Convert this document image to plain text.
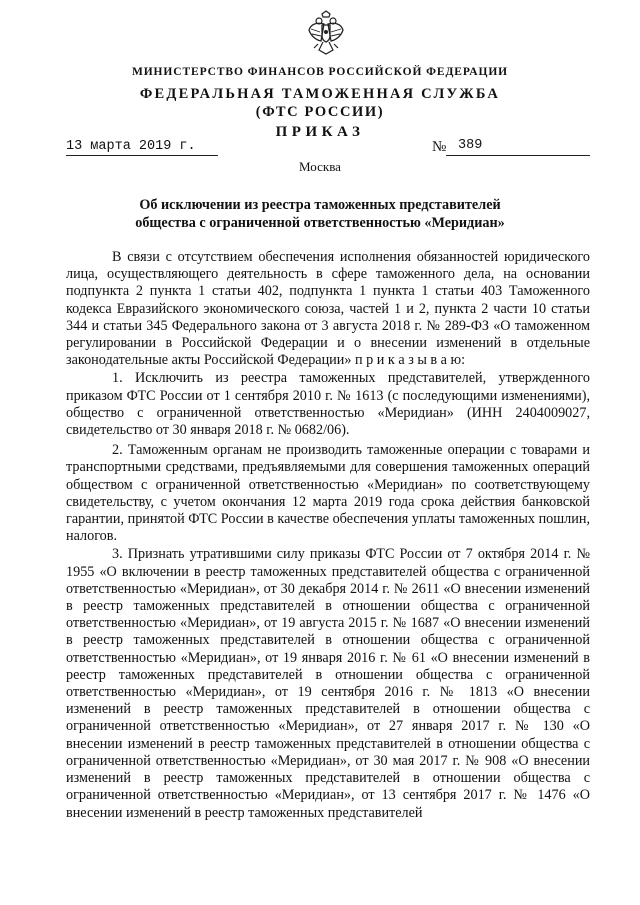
МИНИСТЕРСТВО ФИНАНСОВ РОССИЙСКОЙ ФЕДЕРАЦИИ
ФЕДЕРАЛЬНАЯ ТАМОЖЕННАЯ СЛУЖБА
(ФТС РОССИИ)
ПРИКАЗ
13 марта 2019 г.	№ 389
Москва
Об исключении из реестра таможенных представителей
общества с ограниченной ответственностью «Меридиан»

В связи с отсутствием обеспечения исполнения обязанностей юридического лица, осуществляющего деятельность в сфере таможенного дела, на основании подпункта 2 пункта 1 статьи 402, подпункта 1 пункта 1 статьи 403 Таможенного кодекса Евразийского экономического союза, частей 1 и 2, пункта 2 части 10 статьи 344 и статьи 345 Федерального закона от 3 августа 2018 г. № 289-ФЗ «О таможенном регулировании в Российской Федерации и о внесении изменений в отдельные законодательные акты Российской Федерации» п р и к а з ы в а ю:

1. Исключить из реестра таможенных представителей, утвержденного приказом ФТС России от 1 сентября 2010 г. № 1613 (с последующими изменениями), общество с ограниченной ответственностью «Меридиан» (ИНН 2404009027, свидетельство от 30 января 2018 г. № 0682/06).

2. Таможенным органам не производить таможенные операции с товарами и транспортными средствами, предъявляемыми для совершения таможенных операций обществом с ограниченной ответственностью «Меридиан» по соответствующему свидетельству, с учетом окончания 12 марта 2019 года срока действия банковской гарантии, принятой ФТС России в качестве обеспечения уплаты таможенных пошлин, налогов.

3. Признать утратившими силу приказы ФТС России от 7 октября 2014 г. № 1955 «О включении в реестр таможенных представителей общества с ограниченной ответственностью «Меридиан», от 30 декабря 2014 г. № 2611 «О внесении изменений в реестр таможенных представителей в отношении общества с ограниченной ответственностью «Меридиан», от 19 августа 2015 г. № 1687 «О внесении изменений в реестр таможенных представителей в отношении общества с ограниченной ответственностью «Меридиан», от 19 января 2016 г. № 61 «О внесении изменений в реестр таможенных представителей в отношении общества с ограниченной ответственностью «Меридиан», от 19 сентября 2016 г. № 1813 «О внесении изменений в реестр таможенных представителей в отношении общества с ограниченной ответственностью «Меридиан», от 27 января 2017 г. № 130 «О внесении изменений в реестр таможенных представителей в отношении общества с ограниченной ответственностью «Меридиан», от 30 мая 2017 г. № 908 «О внесении изменений в реестр таможенных представителей в отношении общества с ограниченной ответственностью «Меридиан», от 13 сентября 2017 г. № 1476 «О внесении изменений в реестр таможенных представителей
